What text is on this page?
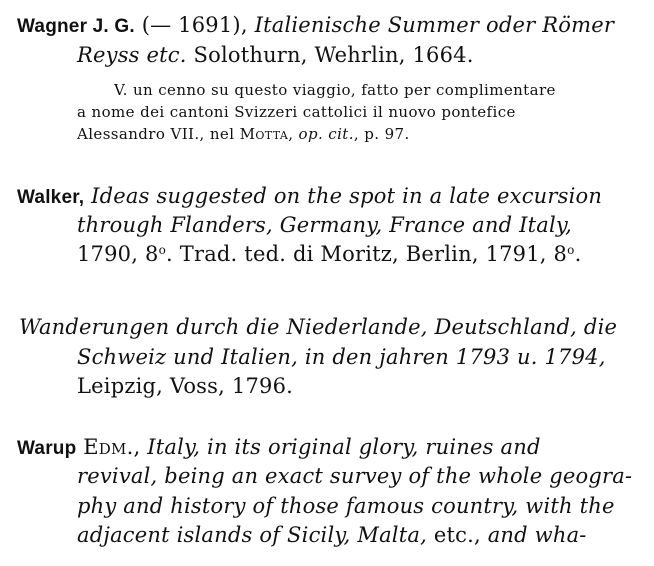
Wagner J. G. (— 1691), Italienische Summer oder Römer
Reyss etc. Solothurn, Wehrlin, 1664.
V. un cenno su questo viaggio, fatto per complimentare
a nome dei cantoni Svizzeri cattolici il nuovo pontefice
Alessandro VII., nel Motta, op. cit., p. 97.
Walker, Ideas suggested on the spot in a late excursion
through Flanders, Germany, France and Italy,
1790, 8$^o$. Trad. ted. di Moritz, Berlin, 1791, 8$^o$.
Wanderungen durch die Niederlande, Deutschland, die
Schweiz und Italien, in den jahren 1793 u. 1794,
Leipzig, Voss, 1796.
Warup Edm., Italy, in its original glory, ruines and
revival, being an exact survey of the whole geogra-
phy and history of those famous country, with the
adjacent islands of Sicily, Malta, etc., and wha-
